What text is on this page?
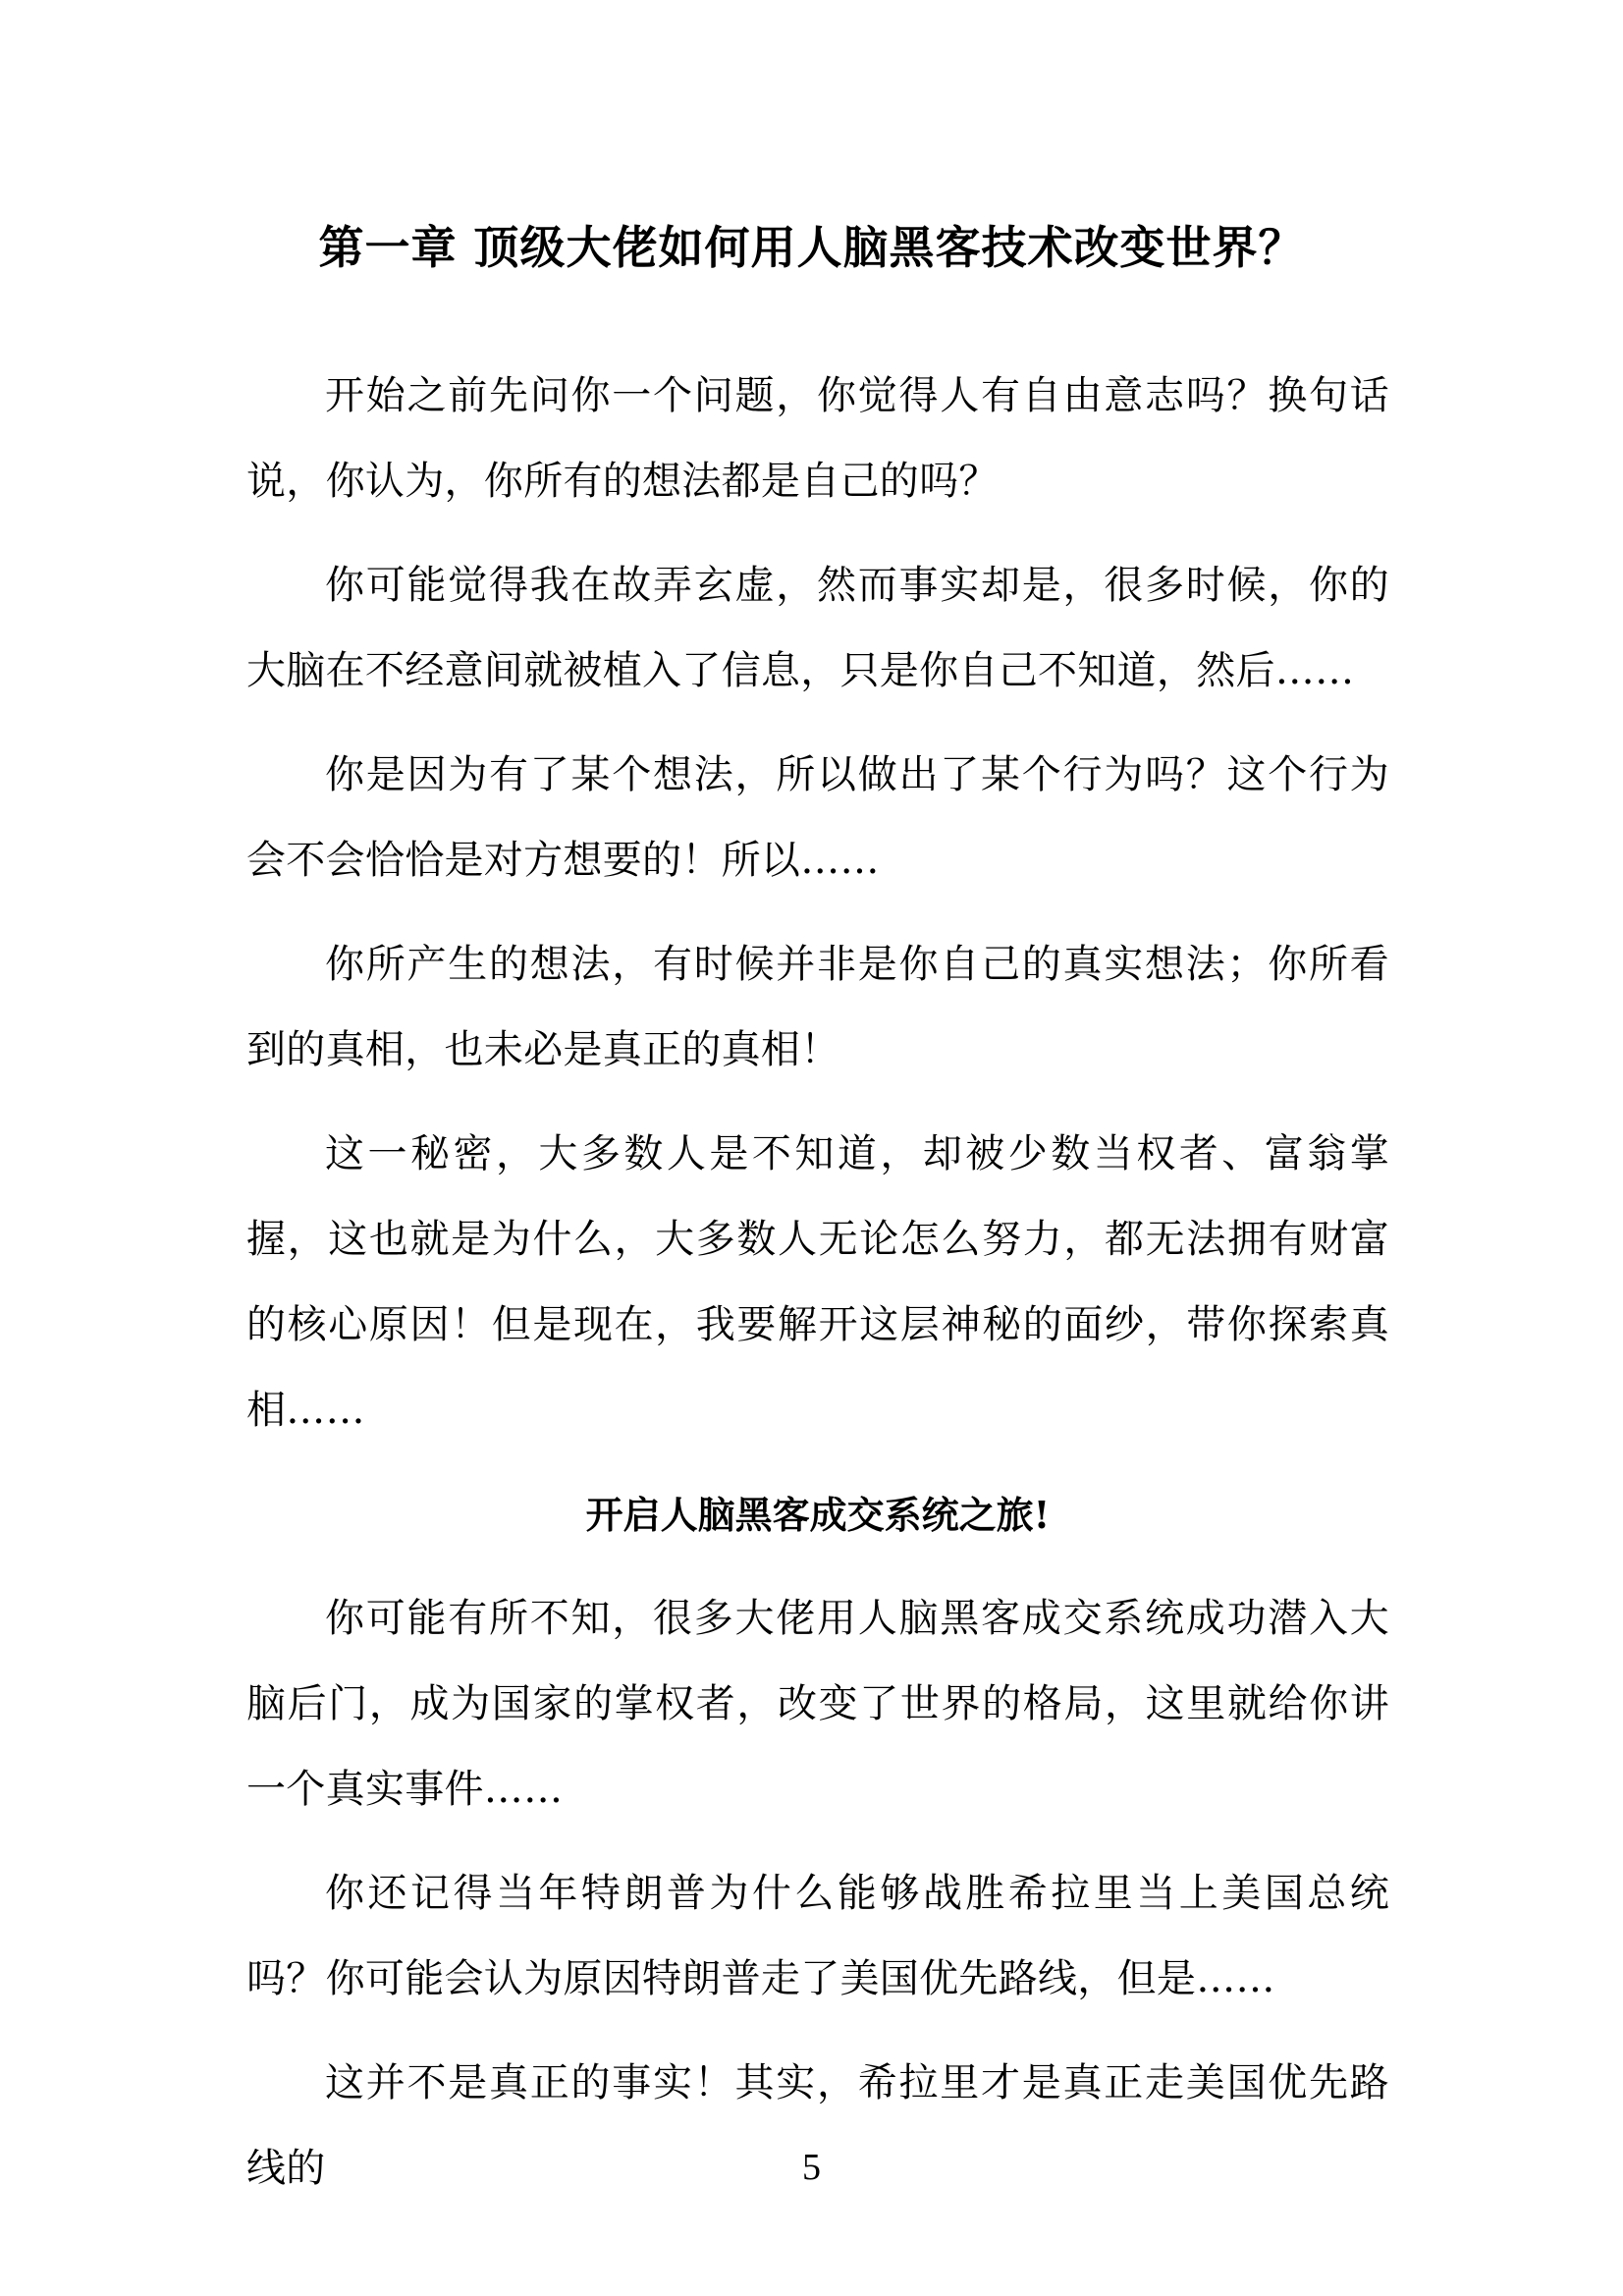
第一章 顶级大佬如何用人脑黑客技术改变世界？

开始之前先问你一个问题，你觉得人有自由意志吗？换句话说，你认为，你所有的想法都是自己的吗？

你可能觉得我在故弄玄虚，然而事实却是，很多时候，你的大脑在不经意间就被植入了信息，只是你自己不知道，然后……

你是因为有了某个想法，所以做出了某个行为吗？这个行为会不会恰恰是对方想要的！所以……

你所产生的想法，有时候并非是你自己的真实想法；你所看到的真相，也未必是真正的真相！

这一秘密，大多数人是不知道，却被少数当权者、富翁掌握，这也就是为什么，大多数人无论怎么努力，都无法拥有财富的核心原因！但是现在，我要解开这层神秘的面纱，带你探索真相……

开启人脑黑客成交系统之旅!

你可能有所不知，很多大佬用人脑黑客成交系统成功潜入大脑后门，成为国家的掌权者，改变了世界的格局，这里就给你讲一个真实事件……

你还记得当年特朗普为什么能够战胜希拉里当上美国总统吗？你可能会认为原因特朗普走了美国优先路线，但是……

这并不是真正的事实！其实，希拉里才是真正走美国优先路线的	5
